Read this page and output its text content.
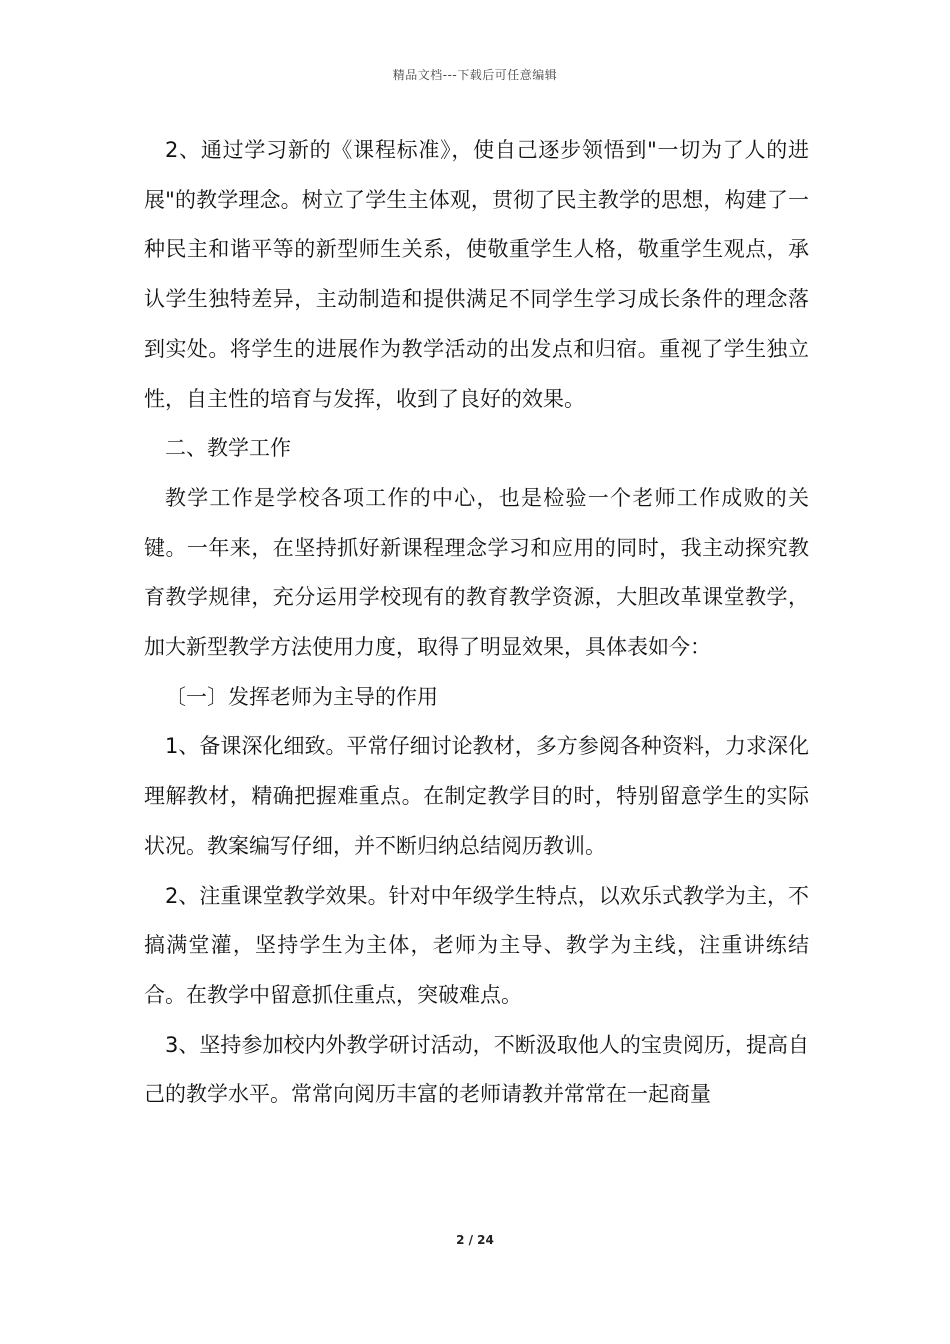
精品文档---下载后可任意编辑

2、通过学习新的《课程标准》，使自己逐步领悟到"一切为了人的进展"的教学理念。树立了学生主体观，贯彻了民主教学的思想，构建了一种民主和谐平等的新型师生关系，使敬重学生人格，敬重学生观点，承认学生独特差异，主动制造和提供满足不同学生学习成长条件的理念落到实处。将学生的进展作为教学活动的出发点和归宿。重视了学生独立性，自主性的培育与发挥，收到了良好的效果。

二、教学工作

教学工作是学校各项工作的中心，也是检验一个老师工作成败的关键。一年来，在坚持抓好新课程理念学习和应用的同时，我主动探究教育教学规律，充分运用学校现有的教育教学资源，大胆改革课堂教学，加大新型教学方法使用力度，取得了明显效果，具体表如今：

〔一〕发挥老师为主导的作用

1、备课深化细致。平常仔细讨论教材，多方参阅各种资料，力求深化理解教材，精确把握难重点。在制定教学目的时，特别留意学生的实际状况。教案编写仔细，并不断归纳总结阅历教训。

2、注重课堂教学效果。针对中年级学生特点，以欢乐式教学为主，不搞满堂灌，坚持学生为主体，老师为主导、教学为主线，注重讲练结合。在教学中留意抓住重点，突破难点。

3、坚持参加校内外教学研讨活动，不断汲取他人的宝贵阅历，提高自己的教学水平。常常向阅历丰富的老师请教并常常在一起商量

2 / 24
